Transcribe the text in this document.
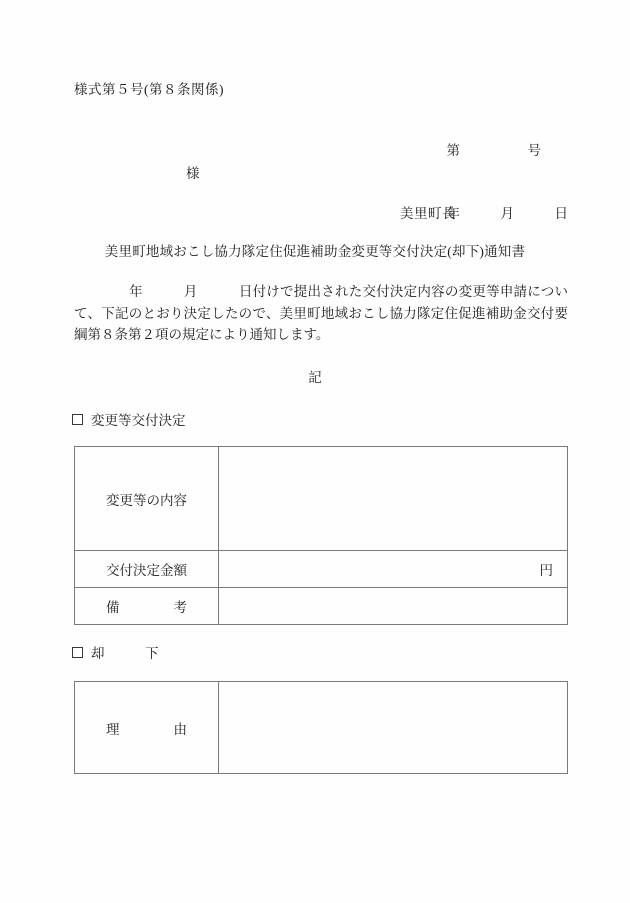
様式第５号(第８条関係)

第　　　　　号

年　　　月　　　日

様
美里町長
美里町地域おこし協力隊定住促進補助金変更等交付決定(却下)通知書
　　　　年　　　月　　　日付けで提出された交付決定内容の変更等申請について、下記のとおり決定したので、美里町地域おこし協力隊定住促進補助金交付要綱第８条第２項の規定により通知します。
記
変更等交付決定
変更等の内容	
交付決定金額	円
備　　　　考	
却　　　下
理　　　　由	
